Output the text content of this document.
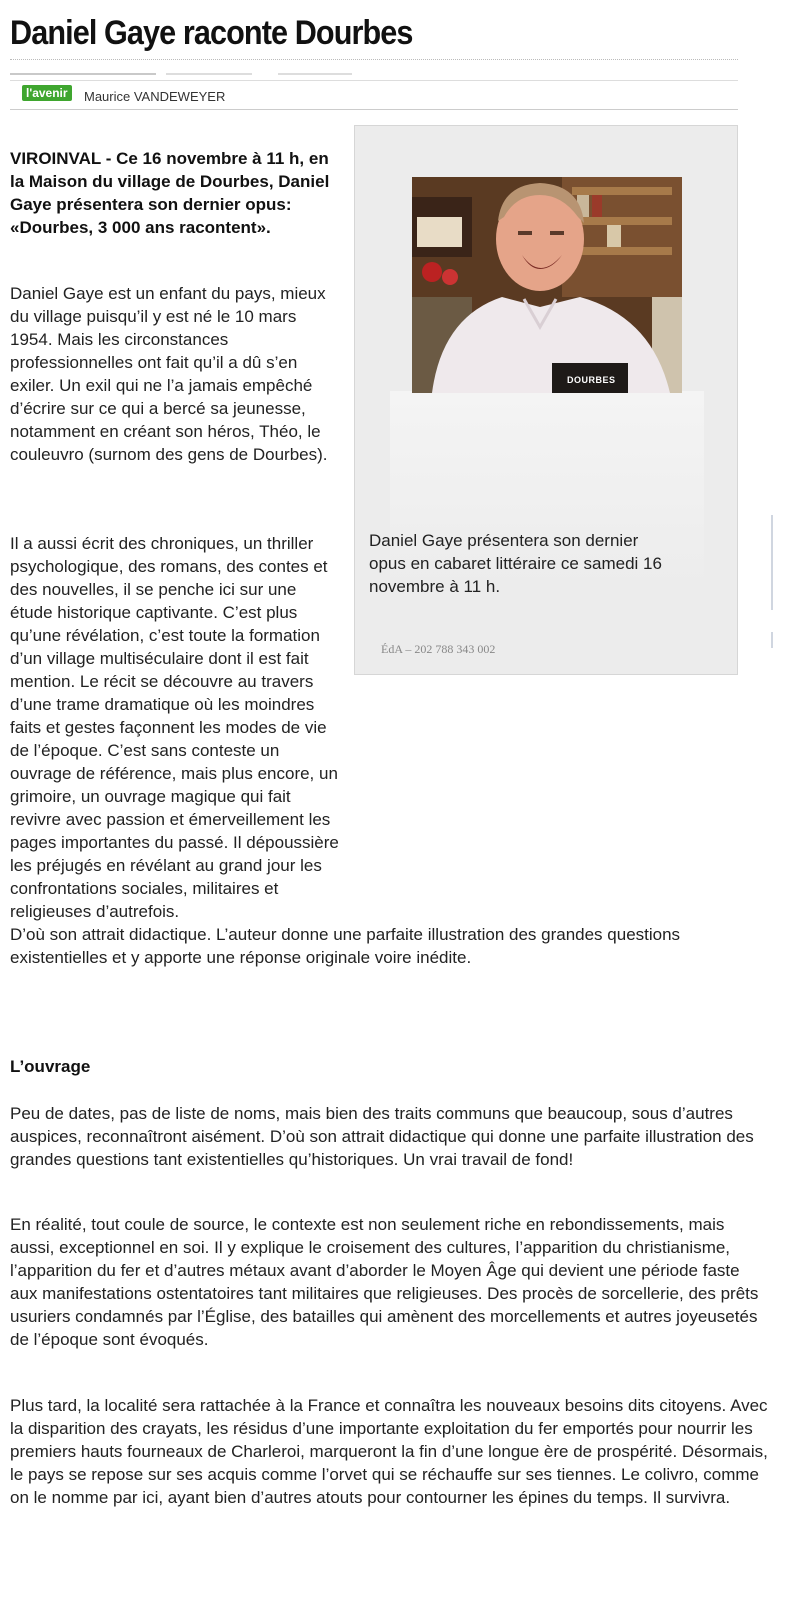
Daniel Gaye raconte Dourbes
l'avenir	Maurice VANDEWEYER
DOURBES
Daniel Gaye présentera son dernier opus en cabaret littéraire ce samedi 16 novembre à 11 h.
ÉdA – 202 788 343 002

VIROINVAL - Ce 16 novembre à 11 h, en la Maison du village de Dourbes, Daniel Gaye présentera son dernier opus: «Dourbes, 3 000 ans racontent».

Daniel Gaye est un enfant du pays, mieux du village puisqu’il y est né le 10 mars 1954. Mais les circonstances professionnelles ont fait qu’il a dû s’en exiler. Un exil qui ne l’a jamais empêché d’écrire sur ce qui a bercé sa jeunesse, notamment en créant son héros, Théo, le couleuvro (surnom des gens de Dourbes).

Il a aussi écrit des chroniques, un thriller psychologique, des romans, des contes et des nouvelles, il se penche ici sur une étude historique captivante. C’est plus qu’une révélation, c’est toute la formation d’un village multiséculaire dont il est fait mention. Le récit se découvre au travers d’une trame dramatique où les moindres faits et gestes façonnent les modes de vie de l’époque. C’est sans conteste un ouvrage de référence, mais plus encore, un grimoire, un ouvrage magique qui fait revivre avec passion et émerveillement les pages importantes du passé. Il dépoussière les préjugés en révélant au grand jour les confrontations sociales, militaires et religieuses d’autrefois.
D’où son attrait didactique. L’auteur donne une parfaite illustration des grandes questions existentielles et y apporte une réponse originale voire inédite.

L’ouvrage

Peu de dates, pas de liste de noms, mais bien des traits communs que beaucoup, sous d’autres auspices, reconnaîtront aisément. D’où son attrait didactique qui donne une parfaite illustration des grandes questions tant existentielles qu’historiques. Un vrai travail de fond!

En réalité, tout coule de source, le contexte est non seulement riche en rebondissements, mais aussi, exceptionnel en soi. Il y explique le croisement des cultures, l’apparition du christianisme, l’apparition du fer et d’autres métaux avant d’aborder le Moyen Âge qui devient une période faste aux manifestations ostentatoires tant militaires que religieuses. Des procès de sorcellerie, des prêts usuriers condamnés par l’Église, des batailles qui amènent des morcellements et autres joyeusetés de l’époque sont évoqués.

Plus tard, la localité sera rattachée à la France et connaîtra les nouveaux besoins dits citoyens. Avec la disparition des crayats, les résidus d’une importante exploitation du fer emportés pour nourrir les premiers hauts fourneaux de Charleroi, marqueront la fin d’une longue ère de prospérité. Désormais, le pays se repose sur ses acquis comme l’orvet qui se réchauffe sur ses tiennes. Le colivro, comme on le nomme par ici, ayant bien d’autres atouts pour contourner les épines du temps. Il survivra.
